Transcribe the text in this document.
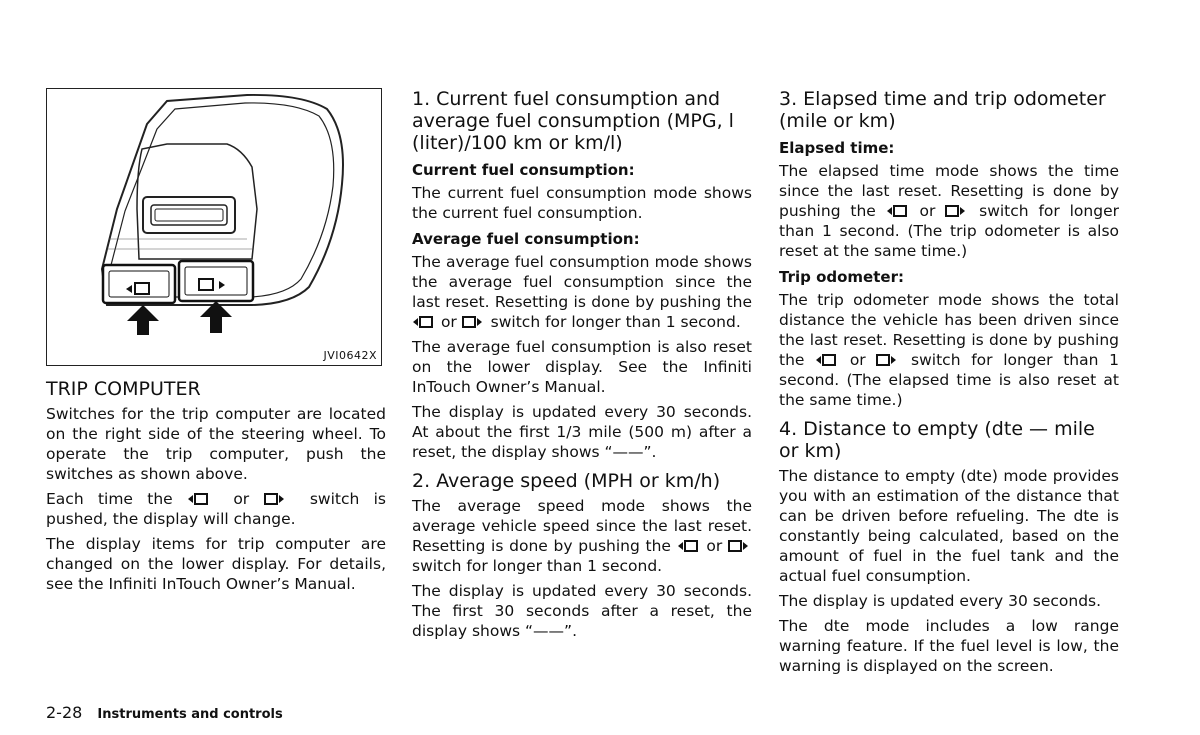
JVI0642X
TRIP COMPUTER

Switches for the trip computer are located on the right side of the steering wheel. To operate the trip computer, push the switches as shown above.

Each time the	or	switch is pushed, the display will change.

The display items for trip computer are changed on the lower display. For details, see the Infiniti InTouch Owner’s Manual.

1. Current fuel consumption and average fuel consumption (MPG, l (liter)/100 km or km/l)
Current fuel consumption:

The current fuel consumption mode shows the current fuel consumption.

Average fuel consumption:

The average fuel consumption mode shows the average fuel consumption since the last reset. Resetting is done by pushing the  or switch for longer than 1 second.

The average fuel consumption is also reset on the lower display. See the Infiniti InTouch Owner’s Manual.

The display is updated every 30 seconds. At about the first 1/3 mile (500 m) after a reset, the display shows “——”.

2. Average speed (MPH or km/h)

The average speed mode shows the average vehicle speed since the last reset. Resetting is done by pushing the or  switch for longer than 1 second.

The display is updated every 30 seconds. The first 30 seconds after a reset, the display shows “——”.

3. Elapsed time and trip odometer (mile or km)
Elapsed time:

The elapsed time mode shows the time since the last reset. Resetting is done by pushing the	or	switch for longer than 1 second. (The trip odometer is also reset at the same time.)

Trip odometer:

The trip odometer mode shows the total distance the vehicle has been driven since the last reset. Resetting is done by pushing the	or	switch for longer than 1 second. (The elapsed time is also reset at the same time.)

4. Distance to empty (dte — mile or km)

The distance to empty (dte) mode provides you with an estimation of the distance that can be driven before refueling. The dte is constantly being calculated, based on the amount of fuel in the fuel tank and the actual fuel consumption.

The display is updated every 30 seconds.

The dte mode includes a low range warning feature. If the fuel level is low, the warning is displayed on the screen.

2-28 Instruments and controls
